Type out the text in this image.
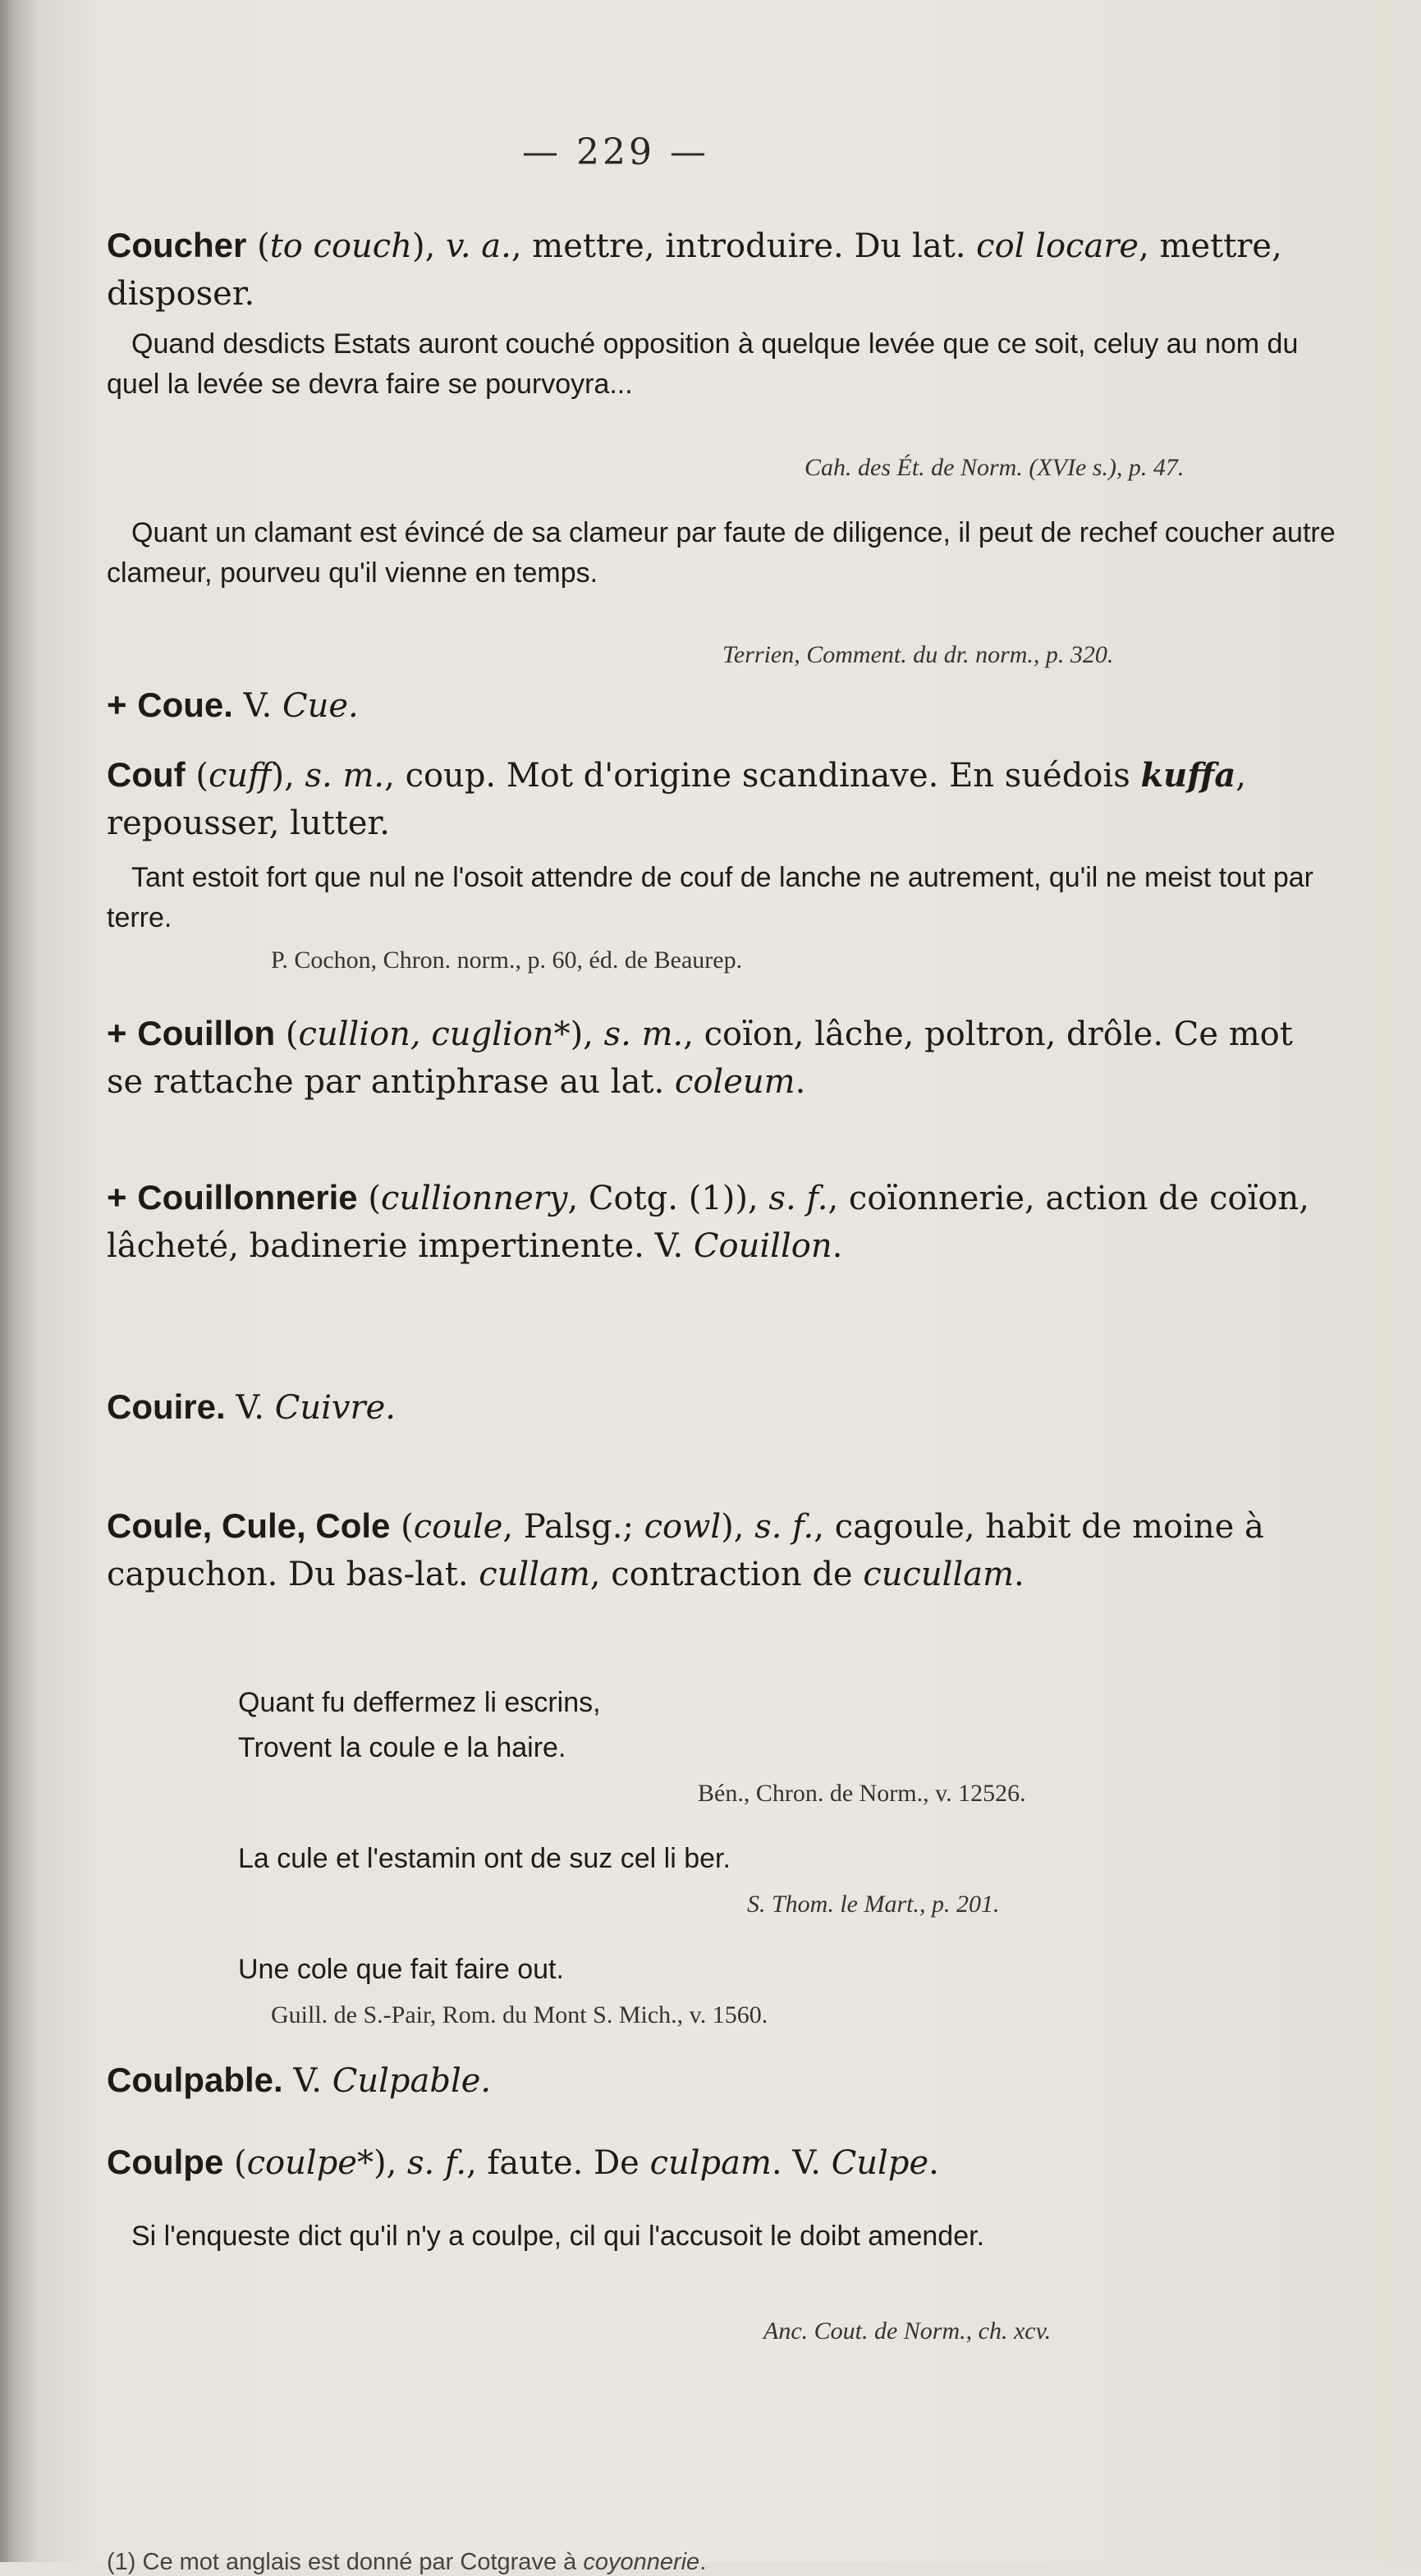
— 229 —
Coucher (to couch), v. a., mettre, introduire. Du lat. col locare, mettre, disposer.
Quand desdicts Estats auront couché opposition à quelque levée que ce soit, celuy au nom du quel la levée se devra faire se pourvoyra...
Cah. des Ét. de Norm. (XVIe s.), p. 47.
Quant un clamant est évincé de sa clameur par faute de diligence, il peut de rechef coucher autre clameur, pourveu qu'il vienne en temps.
Terrien, Comment. du dr. norm., p. 320.
+ Coue. V. Cue.
Couf (cuff), s. m., coup. Mot d'origine scandinave. En suédois kuffa, repousser, lutter.
Tant estoit fort que nul ne l'osoit attendre de couf de lanche ne autrement, qu'il ne meist tout par terre.
P. Cochon, Chron. norm., p. 60, éd. de Beaurep.
+ Couillon (cullion, cuglion*), s. m., coïon, lâche, poltron, drôle. Ce mot se rattache par antiphrase au lat. coleum.
+ Couillonnerie (cullionnery, Cotg. (1)), s. f., coïonnerie, action de coïon, lâcheté, badinerie impertinente. V. Couillon.
Couire. V. Cuivre.
Coule, Cule, Cole (coule, Palsg.; cowl), s. f., cagoule, habit de moine à capuchon. Du bas-lat. cullam, contraction de cucullam.
Quant fu deffermez li escrins,
Trovent la coule e la haire.
Bén., Chron. de Norm., v. 12526.
La cule et l'estamin ont de suz cel li ber.
S. Thom. le Mart., p. 201.
Une cole que fait faire out.
Guill. de S.-Pair, Rom. du Mont S. Mich., v. 1560.
Coulpable. V. Culpable.
Coulpe (coulpe*), s. f., faute. De culpam. V. Culpe.
Si l'enqueste dict qu'il n'y a coulpe, cil qui l'accusoit le doibt amender.
Anc. Cout. de Norm., ch. xcv.
(1) Ce mot anglais est donné par Cotgrave à coyonnerie.
